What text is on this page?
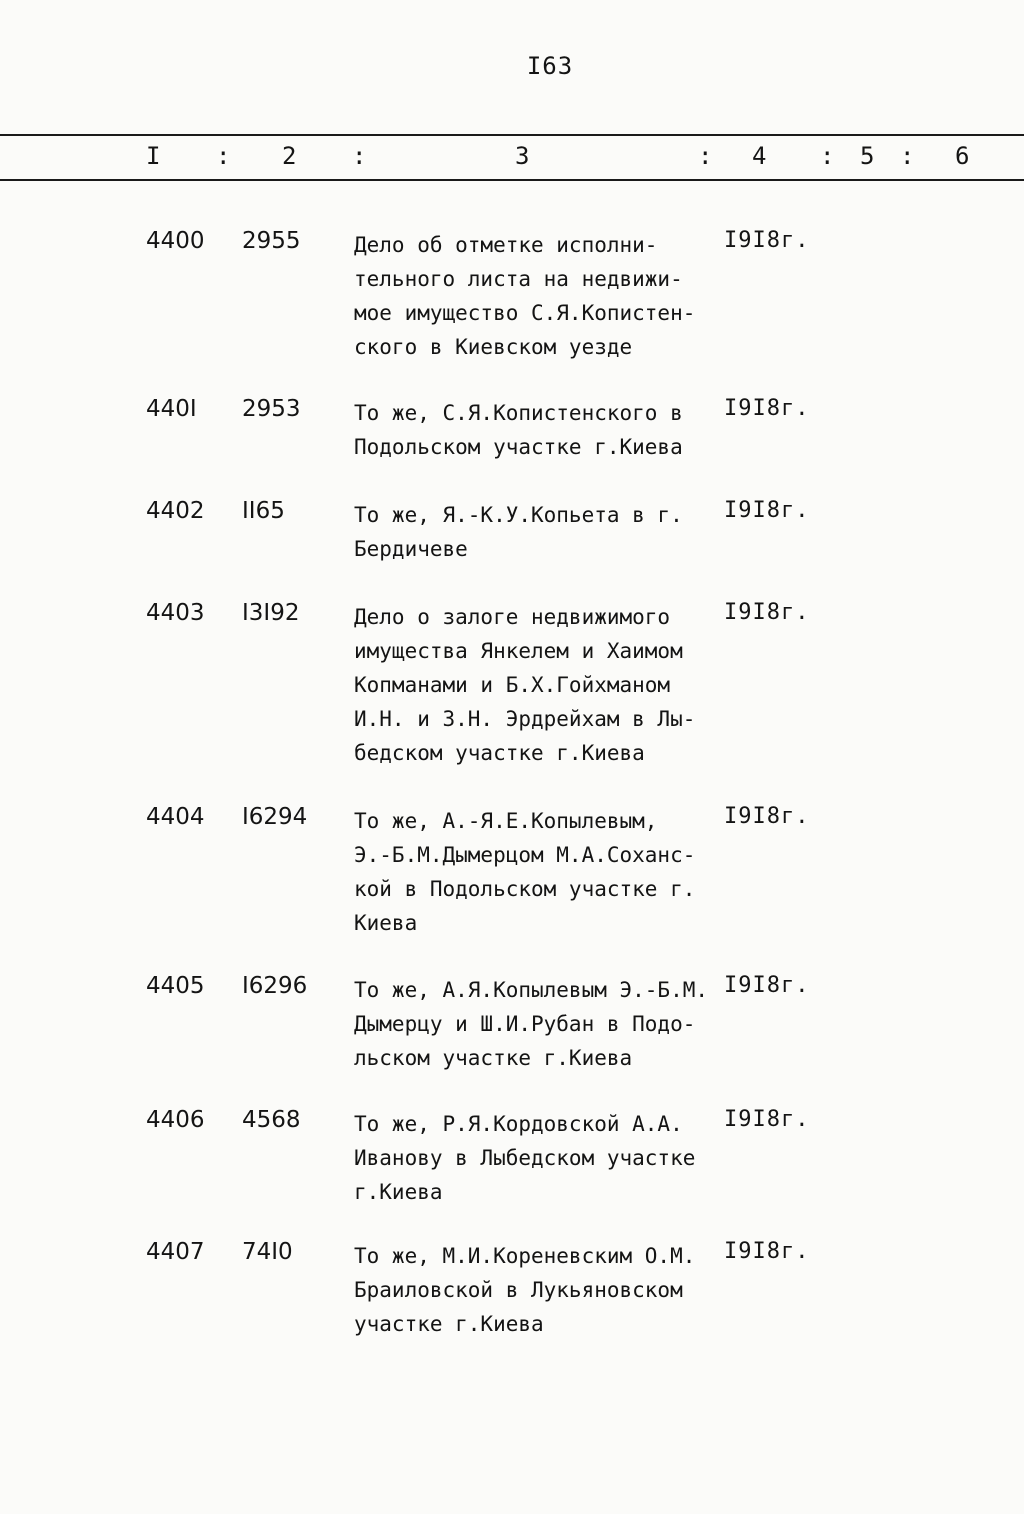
I63
I : 2 :	3	: 4 : 5 : 6
4400 2955	Дело об отметке исполни-
тельного листа на недвижи-
мое имущество С.Я.Копистен-
ского в Киевском уезде
I9I8г.
440I 2953	То же, С.Я.Копистенского в
Подольском участке г.Киева
I9I8г.
4402 II65	То же, Я.-К.У.Копьета в г.
Бердичеве
I9I8г.
4403 I3I92	Дело о залоге недвижимого
имущества Янкелем и Хаимом
Копманами и Б.Х.Гойхманом
И.Н. и З.Н. Эрдрейхам в Лы-
бедском участке г.Киева
I9I8г.
4404 I6294 То же, А.-Я.Е.Копылевым,
Э.-Б.М.Дымерцом М.А.Соханс-
кой в Подольском участке г.
Киева
I9I8г.
4405 I6296 То же, А.Я.Копылевым Э.-Б.М.
Дымерцу и Ш.И.Рубан в Подо-
льском участке г.Киева
I9I8г.
4406 4568	То же, Р.Я.Кордовской А.А.
Иванову в Лыбедском участке
г.Киева
I9I8г.
4407 74I0	То же, М.И.Кореневским О.М.
Браиловской в Лукьяновском
участке г.Киева
I9I8г.
